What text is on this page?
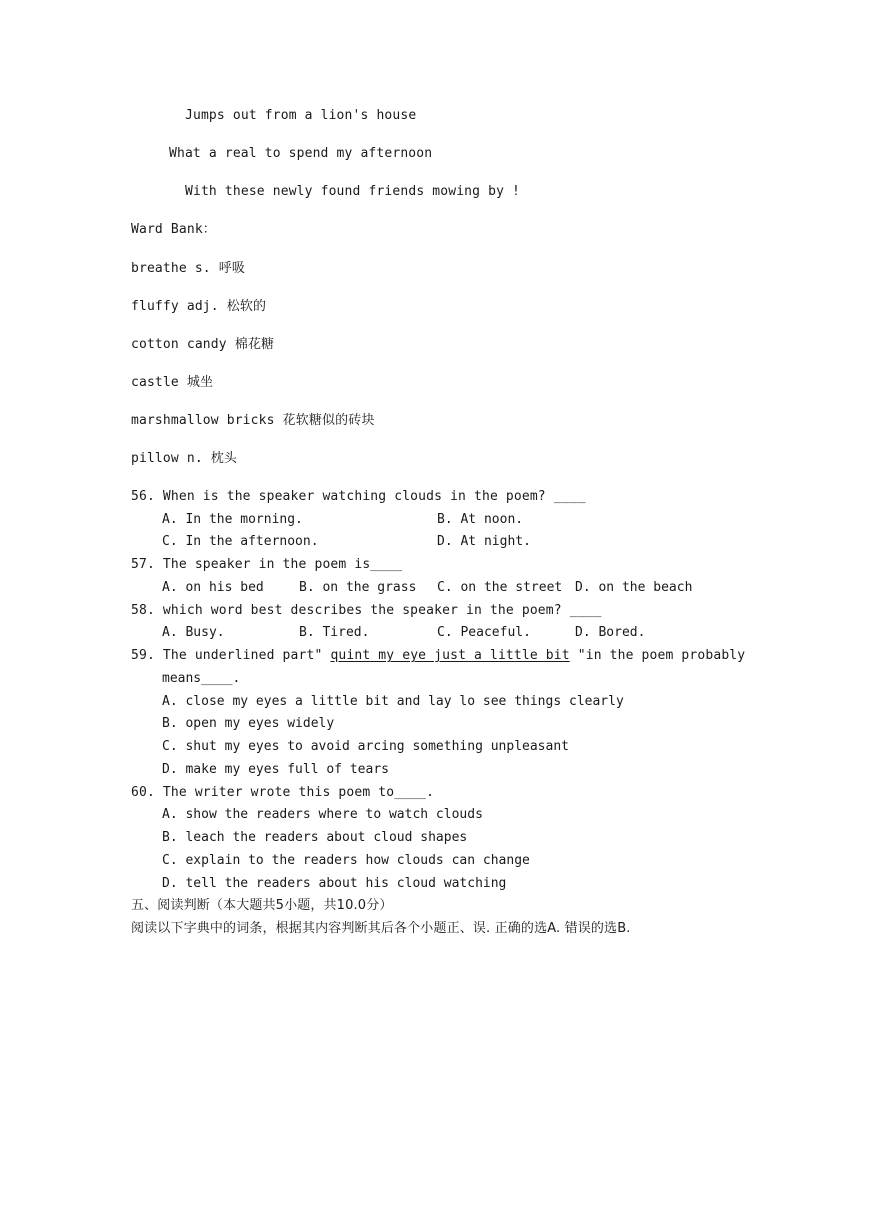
Jumps out from a lion's house
What a real to spend my afternoon
With these newly found friends mowing by !
Ward Bank：
breathe s. 呼吸
fluffy adj. 松软的
cotton candy 棉花糖
castle 城坐
marshmallow bricks 花软糖似的砖块
pillow n. 枕头
56. When is the speaker watching clouds in the poem? ____
A. In the morning.	B. At noon.
C. In the afternoon.	D. At night.
57. The speaker in the poem is____
A. on his bed	B. on the grass C. on the street D. on the beach
58. which word best describes the speaker in the poem? ____
A. Busy.	B. Tired.	C. Peaceful.	D. Bored.
59. The underlined part" quint my eye just a little bit "in the poem probably
means____.
A. close my eyes a little bit and lay lo see things clearly
B. open my eyes widely
C. shut my eyes to avoid arcing something unpleasant
D. make my eyes full of tears
60. The writer wrote this poem to____.
A. show the readers where to watch clouds
B. leach the readers about cloud shapes
C. explain to the readers how clouds can change
D. tell the readers about his cloud watching
五、阅读判断（本大题共5小题，共10.0分）
阅读以下字典中的词条，根据其内容判断其后各个小题正、误. 正确的选A. 错误的选B.
